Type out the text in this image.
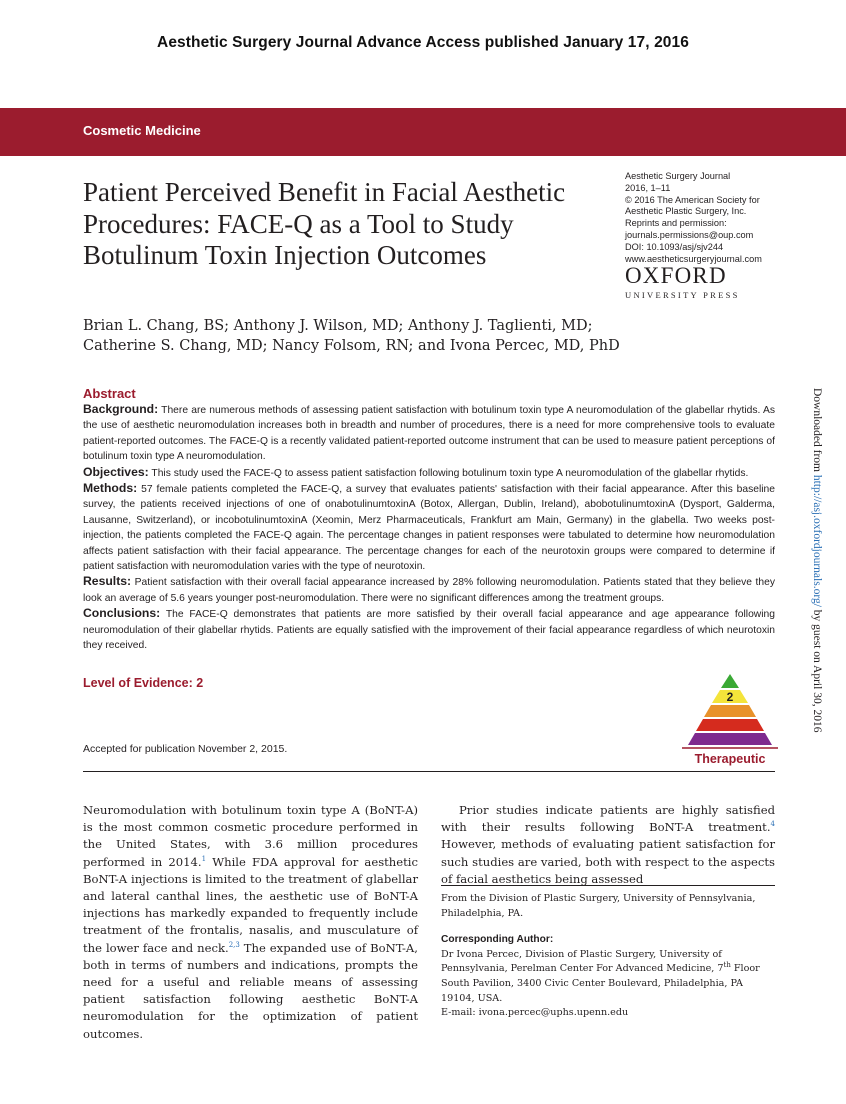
Aesthetic Surgery Journal Advance Access published January 17, 2016
Cosmetic Medicine
Patient Perceived Benefit in Facial Aesthetic Procedures: FACE-Q as a Tool to Study Botulinum Toxin Injection Outcomes
Aesthetic Surgery Journal
2016, 1–11
© 2016 The American Society for Aesthetic Plastic Surgery, Inc.
Reprints and permission:
journals.permissions@oup.com
DOI: 10.1093/asj/sjv244
www.aestheticsurgeryjournal.com
OXFORD
UNIVERSITY PRESS
Brian L. Chang, BS; Anthony J. Wilson, MD; Anthony J. Taglienti, MD;
Catherine S. Chang, MD; Nancy Folsom, RN; and Ivona Percec, MD, PhD
Abstract

Background: There are numerous methods of assessing patient satisfaction with botulinum toxin type A neuromodulation of the glabellar rhytids. As the use of aesthetic neuromodulation increases both in breadth and number of procedures, there is a need for more comprehensive tools to evaluate patient-reported outcomes. The FACE-Q is a recently validated patient-reported outcome instrument that can be used to measure patient perceptions of botulinum toxin type A neuromodulation.

Objectives: This study used the FACE-Q to assess patient satisfaction following botulinum toxin type A neuromodulation of the glabellar rhytids.

Methods: 57 female patients completed the FACE-Q, a survey that evaluates patients' satisfaction with their facial appearance. After this baseline survey, the patients received injections of one of onabotulinumtoxinA (Botox, Allergan, Dublin, Ireland), abobotulinumtoxinA (Dysport, Galderma, Lausanne, Switzerland), or incobotulinumtoxinA (Xeomin, Merz Pharmaceuticals, Frankfurt am Main, Germany) in the glabella. Two weeks post-injection, the patients completed the FACE-Q again. The percentage changes in patient responses were tabulated to determine how neuromodulation affects patient satisfaction with their facial appearance. The percentage changes for each of the neurotoxin groups were compared to determine if patient satisfaction with neuromodulation varies with the type of neurotoxin.

Results: Patient satisfaction with their overall facial appearance increased by 28% following neuromodulation. Patients stated that they believe they look an average of 5.6 years younger post-neuromodulation. There were no significant differences among the treatment groups.

Conclusions: The FACE-Q demonstrates that patients are more satisfied by their overall facial appearance and age appearance following neuromodulation of their glabellar rhytids. Patients are equally satisfied with the improvement of their facial appearance regardless of which neurotoxin they received.

Level of Evidence: 2
2
Therapeutic
Accepted for publication November 2, 2015.

Neuromodulation with botulinum toxin type A (BoNT-A) is the most common cosmetic procedure performed in the United States, with 3.6 million procedures performed in 2014.$^1$ While FDA approval for aesthetic BoNT-A injections is limited to the treatment of glabellar and lateral canthal lines, the aesthetic use of BoNT-A injections has markedly expanded to frequently include treatment of the frontalis, nasalis, and musculature of the lower face and neck.$^{2,3}$ The expanded use of BoNT-A, both in terms of numbers and indications, prompts the need for a useful and reliable means of assessing patient satisfaction following aesthetic BoNT-A neuromodulation for the optimization of patient outcomes.

Prior studies indicate patients are highly satisfied with their results following BoNT-A treatment.$^4$ However, methods of evaluating patient satisfaction for such studies are varied, both with respect to the aspects of facial aesthetics being assessed

From the Division of Plastic Surgery, University of Pennsylvania, Philadelphia, PA.

Corresponding Author:

Dr Ivona Percec, Division of Plastic Surgery, University of Pennsylvania, Perelman Center For Advanced Medicine, 7th Floor South Pavilion, 3400 Civic Center Boulevard, Philadelphia, PA 19104, USA.

E-mail: ivona.percec@uphs.upenn.edu

Downloaded from http://asj.oxfordjournals.org/ by guest on April 30, 2016
